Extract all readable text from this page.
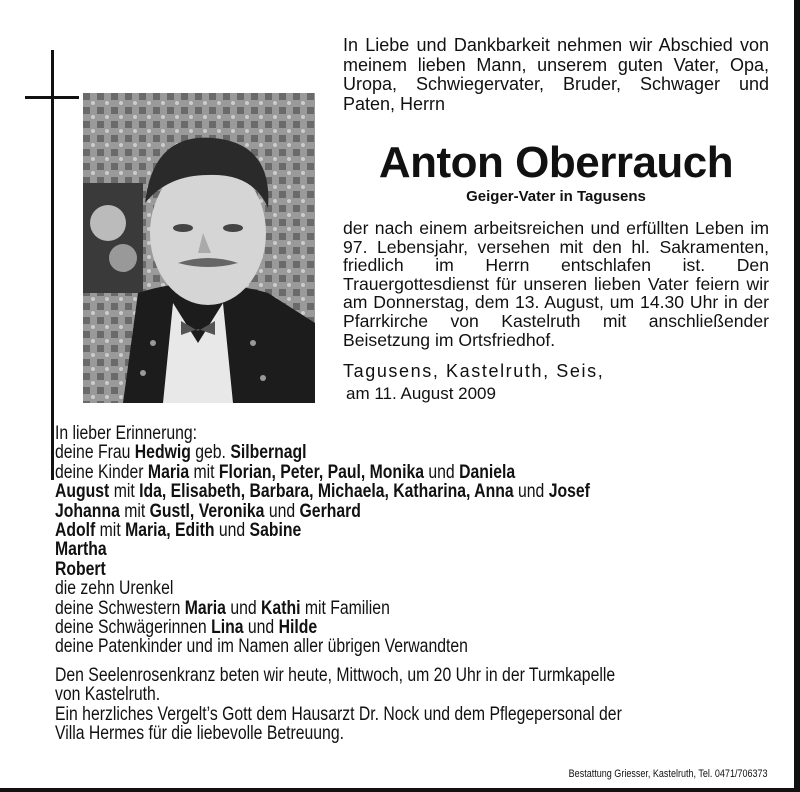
In Liebe und Dankbarkeit nehmen wir Abschied von meinem lieben Mann, unserem guten Vater, Opa, Uropa, Schwiegervater, Bruder, Schwager und Paten, Herrn
Anton Oberrauch
Geiger-Vater in Tagusens
der nach einem arbeitsreichen und erfüllten Leben im 97. Lebensjahr, versehen mit den hl. Sakramenten, friedlich im Herrn entschlafen ist. Den Trauergottesdienst für unseren lieben Vater feiern wir am Donnerstag, dem 13. August, um 14.30 Uhr in der Pfarrkirche von Kastelruth mit anschließender Beisetzung im Ortsfriedhof.
Tagusens, Kastelruth, Seis,
am 11. August 2009
In lieber Erinnerung:
deine Frau Hedwig geb. Silbernagl
deine Kinder Maria mit Florian, Peter, Paul, Monika und Daniela
August mit Ida, Elisabeth, Barbara, Michaela, Katharina, Anna und Josef
Johanna mit Gustl, Veronika und Gerhard
Adolf mit Maria, Edith und Sabine
Martha
Robert
die zehn Urenkel
deine Schwestern Maria und Kathi mit Familien
deine Schwägerinnen Lina und Hilde
deine Patenkinder und im Namen aller übrigen Verwandten

Den Seelenrosenkranz beten wir heute, Mittwoch, um 20 Uhr in der Turmkapelle

von Kastelruth.

Ein herzliches Vergelt’s Gott dem Hausarzt Dr. Nock und dem Pflegepersonal der

Villa Hermes für die liebevolle Betreuung.

Bestattung Griesser, Kastelruth, Tel. 0471/706373
